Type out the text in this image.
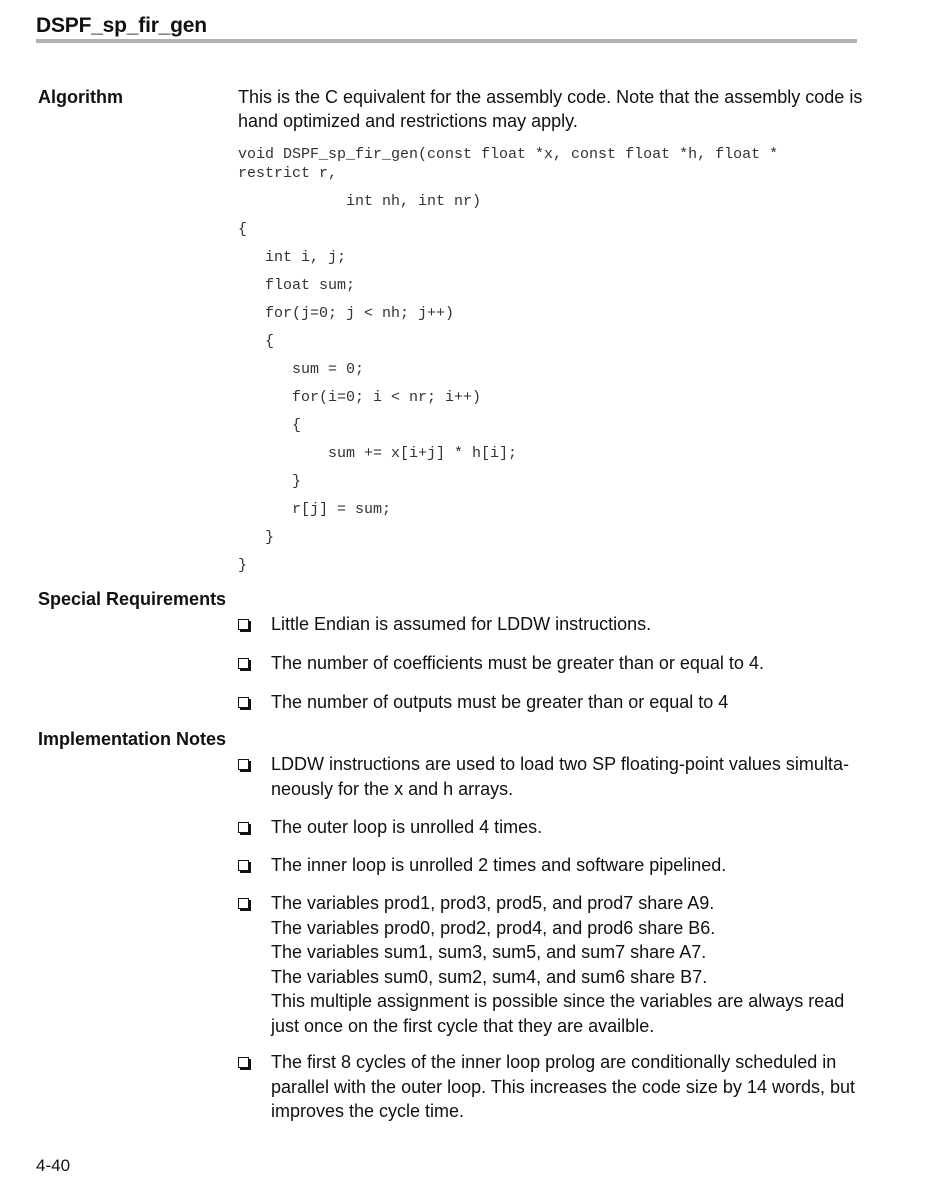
DSPF_sp_fir_gen
Algorithm	This is the C equivalent for the assembly code. Note that the assembly code is hand optimized and restrictions may apply.

void DSPF_sp_fir_gen(const float *x, const float *h, float *

restrict r,

int nh, int nr)

{

int i, j;

float sum;

for(j=0; j < nh; j++)

{

sum = 0;

for(i=0; i < nr; i++)

{

sum += x[i+j] * h[i];

}

r[j] = sum;

}

}

Special Requirements
Little Endian is assumed for LDDW instructions.
The number of coefficients must be greater than or equal to 4.
The number of outputs must be greater than or equal to 4
Implementation Notes
LDDW instructions are used to load two SP floating-point values simulta-
neously for the x and h arrays.
The outer loop is unrolled 4 times.
The inner loop is unrolled 2 times and software pipelined.
The variables prod1, prod3, prod5, and prod7 share A9.
The variables prod0, prod2, prod4, and prod6 share B6.
The variables sum1, sum3, sum5, and sum7 share A7.
The variables sum0, sum2, sum4, and sum6 share B7.
This multiple assignment is possible since the variables are always read
just once on the first cycle that they are availble.
The first 8 cycles of the inner loop prolog are conditionally scheduled in
parallel with the outer loop. This increases the code size by 14 words, but
improves the cycle time.
4-40
